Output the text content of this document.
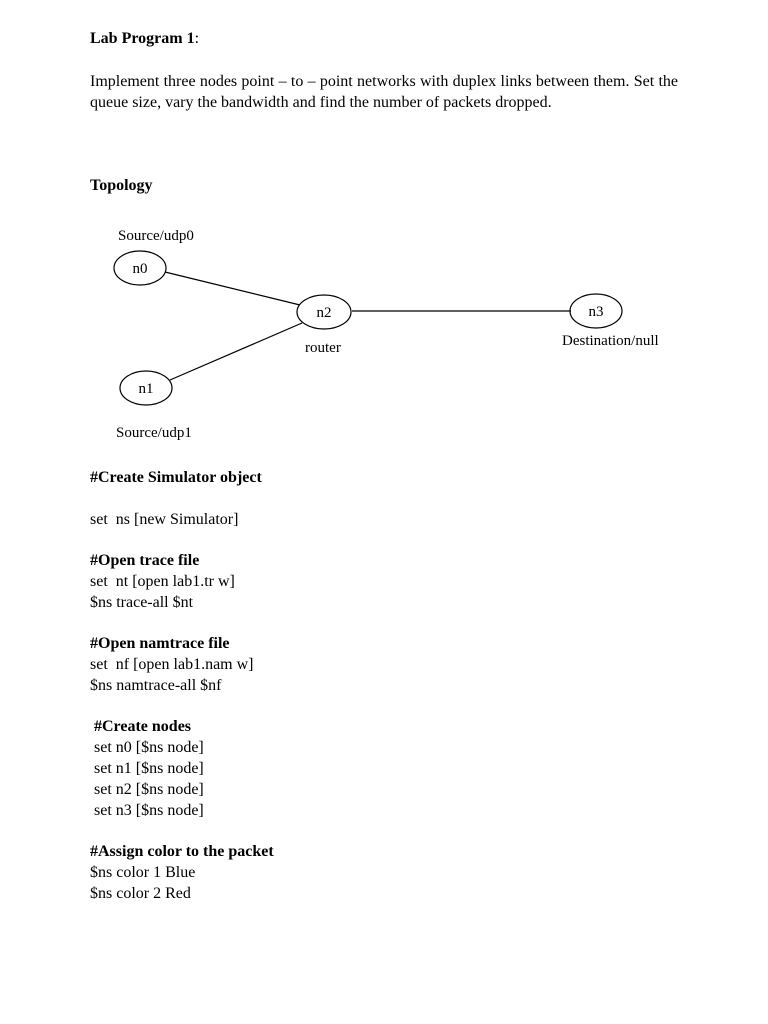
Lab Program 1:
Implement three nodes point – to – point networks with duplex links between them. Set the queue size, vary the bandwidth and find the number of packets dropped.
Topology
Source/udp0
n0
n1
n2	n3
router	Destination/null
Source/udp1
#Create Simulator object
set  ns [new Simulator]
#Open trace file
set  nt [open lab1.tr w]
$ns trace-all $nt
#Open namtrace file
set  nf [open lab1.nam w]
$ns namtrace-all $nf
#Create nodes
set n0 [$ns node]
set n1 [$ns node]
set n2 [$ns node]
set n3 [$ns node]
#Assign color to the packet
$ns color 1 Blue
$ns color 2 Red
